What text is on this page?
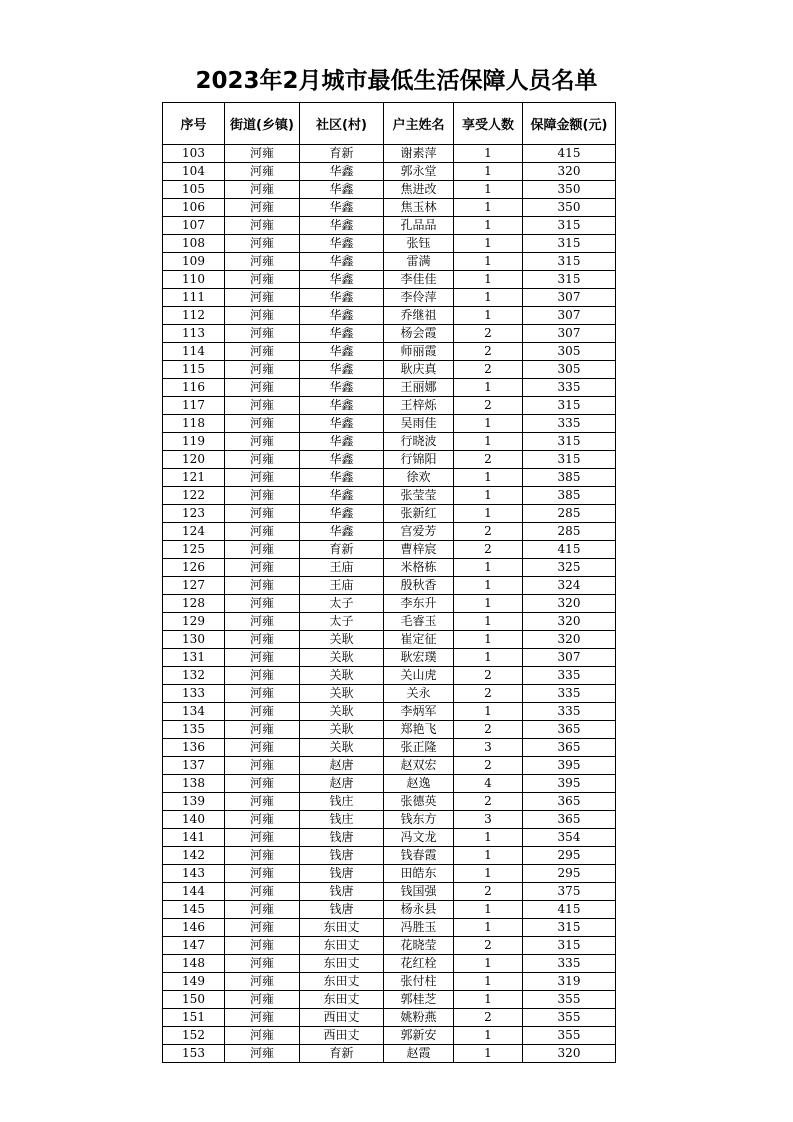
2023年2月城市最低生活保障人员名单
序号	街道(乡镇)	社区(村)	户主姓名	享受人数	保障金额(元)
103	河雍	育新	谢素萍	1	415
104	河雍	华鑫	郭永堂	1	320
105	河雍	华鑫	焦进改	1	350
106	河雍	华鑫	焦玉林	1	350
107	河雍	华鑫	孔品品	1	315
108	河雍	华鑫	张钰	1	315
109	河雍	华鑫	雷满	1	315
110	河雍	华鑫	李佳佳	1	315
111	河雍	华鑫	李伶萍	1	307
112	河雍	华鑫	乔继祖	1	307
113	河雍	华鑫	杨会霞	2	307
114	河雍	华鑫	师丽霞	2	305
115	河雍	华鑫	耿庆真	2	305
116	河雍	华鑫	王丽娜	1	335
117	河雍	华鑫	王梓烁	2	315
118	河雍	华鑫	吴雨佳	1	335
119	河雍	华鑫	行晓波	1	315
120	河雍	华鑫	行锦阳	2	315
121	河雍	华鑫	徐欢	1	385
122	河雍	华鑫	张莹莹	1	385
123	河雍	华鑫	张新红	1	285
124	河雍	华鑫	宫爱芳	2	285
125	河雍	育新	曹梓宸	2	415
126	河雍	王庙	米格栋	1	325
127	河雍	王庙	殷秋香	1	324
128	河雍	太子	李东升	1	320
129	河雍	太子	毛睿玉	1	320
130	河雍	关耿	崔定征	1	320
131	河雍	关耿	耿宏璞	1	307
132	河雍	关耿	关山虎	2	335
133	河雍	关耿	关永	2	335
134	河雍	关耿	李炳军	1	335
135	河雍	关耿	郑艳飞	2	365
136	河雍	关耿	张正隆	3	365
137	河雍	赵唐	赵双宏	2	395
138	河雍	赵唐	赵逸	4	395
139	河雍	钱庄	张德英	2	365
140	河雍	钱庄	钱东方	3	365
141	河雍	钱唐	冯文龙	1	354
142	河雍	钱唐	钱春霞	1	295
143	河雍	钱唐	田皓东	1	295
144	河雍	钱唐	钱国强	2	375
145	河雍	钱唐	杨永县	1	415
146	河雍	东田丈	冯胜玉	1	315
147	河雍	东田丈	花晓莹	2	315
148	河雍	东田丈	花红栓	1	335
149	河雍	东田丈	张付柱	1	319
150	河雍	东田丈	郭桂芝	1	355
151	河雍	西田丈	姚粉燕	2	355
152	河雍	西田丈	郭新安	1	355
153	河雍	育新	赵霞	1	320
